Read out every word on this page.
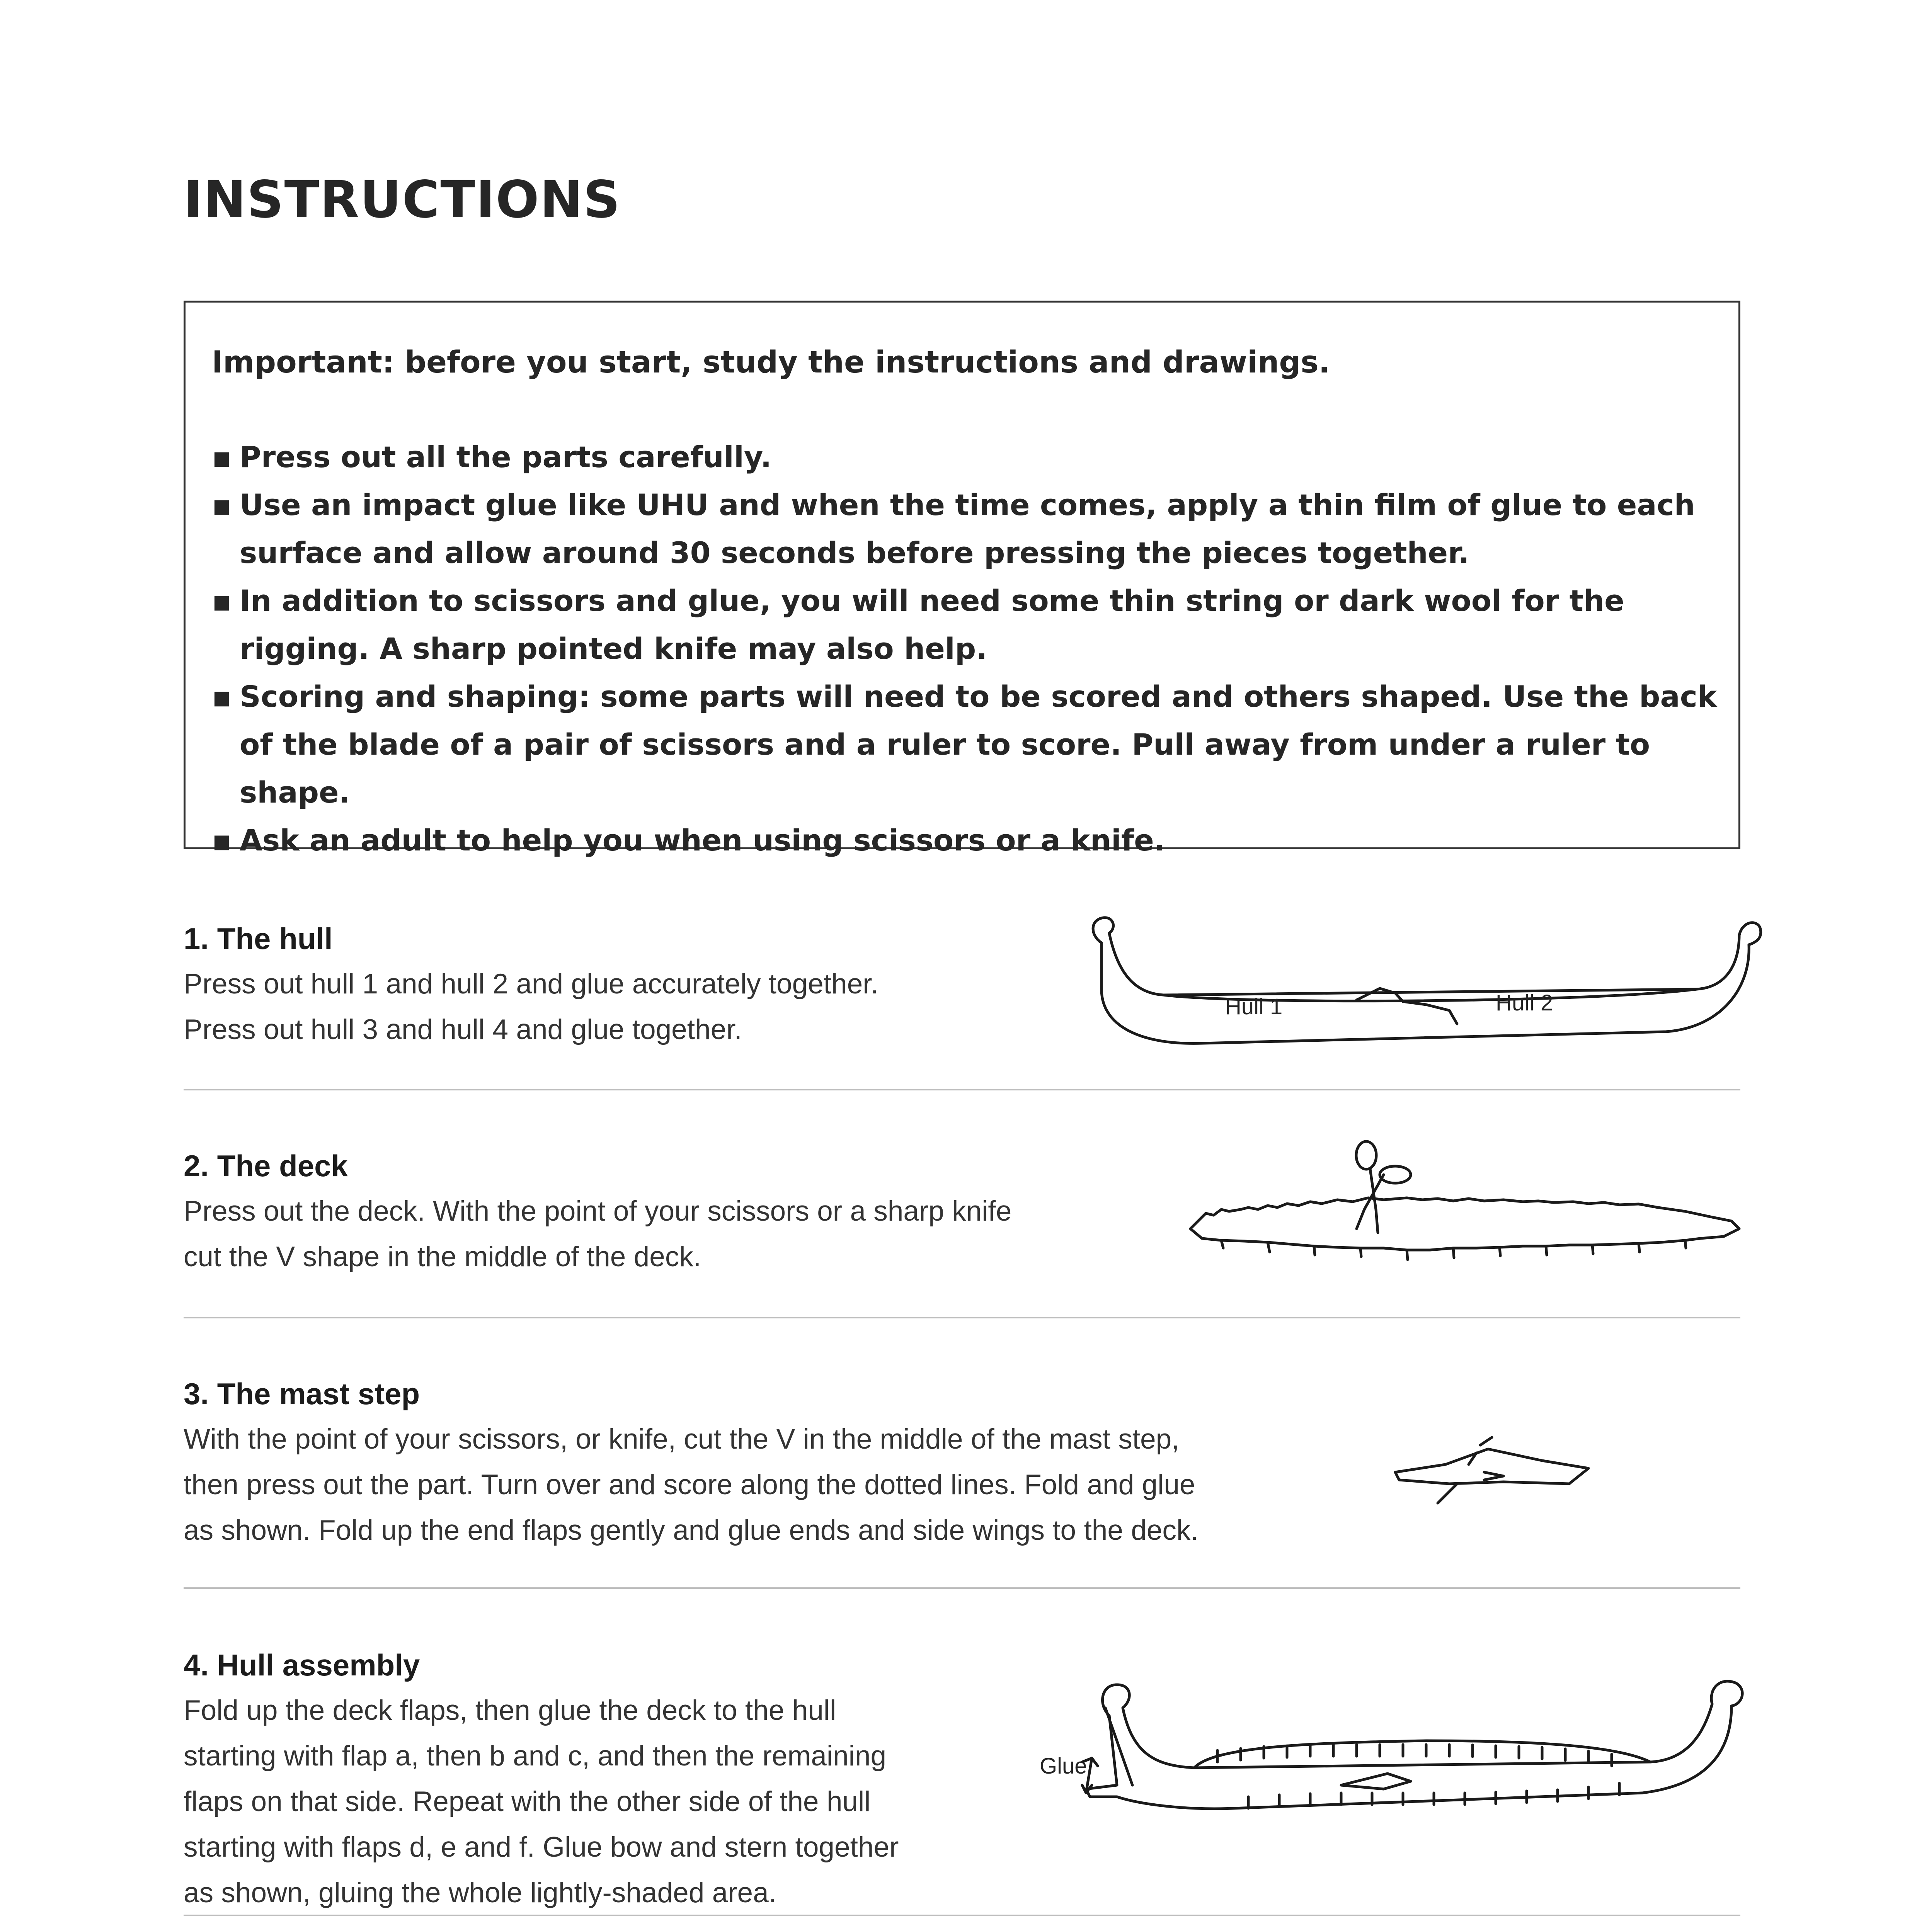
INSTRUCTIONS

Important: before you start, study the instructions and drawings.

▪ Press out all the parts carefully.
▪ Use an impact glue like UHU and when the time comes, apply a thin film of glue to each surface and allow around 30 seconds before pressing the pieces together.
▪ In addition to scissors and glue, you will need some thin string or dark wool for the rigging. A sharp pointed knife may also help.
▪ Scoring and shaping: some parts will need to be scored and others shaped. Use the back of the blade of a pair of scissors and a ruler to score. Pull away from under a ruler to shape.
▪ Ask an adult to help you when using scissors or a knife.
1. The hull

Press out hull 1 and hull 2 and glue accurately together.

Press out hull 3 and hull 4 and glue together.

Hull 1	Hull 2
2. The deck

Press out the deck. With the point of your scissors or a sharp knife

cut the V shape in the middle of the deck.

3. The mast step

With the point of your scissors, or knife, cut the V in the middle of the mast step,

then press out the part. Turn over and score along the dotted lines. Fold and glue

as shown. Fold up the end flaps gently and glue ends and side wings to the deck.

4. Hull assembly

Fold up the deck flaps, then glue the deck to the hull

starting with flap a, then b and c, and then the remaining

flaps on that side. Repeat with the other side of the hull

starting with flaps d, e and f. Glue bow and stern together

as shown, gluing the whole lightly-shaded area.

Glue
